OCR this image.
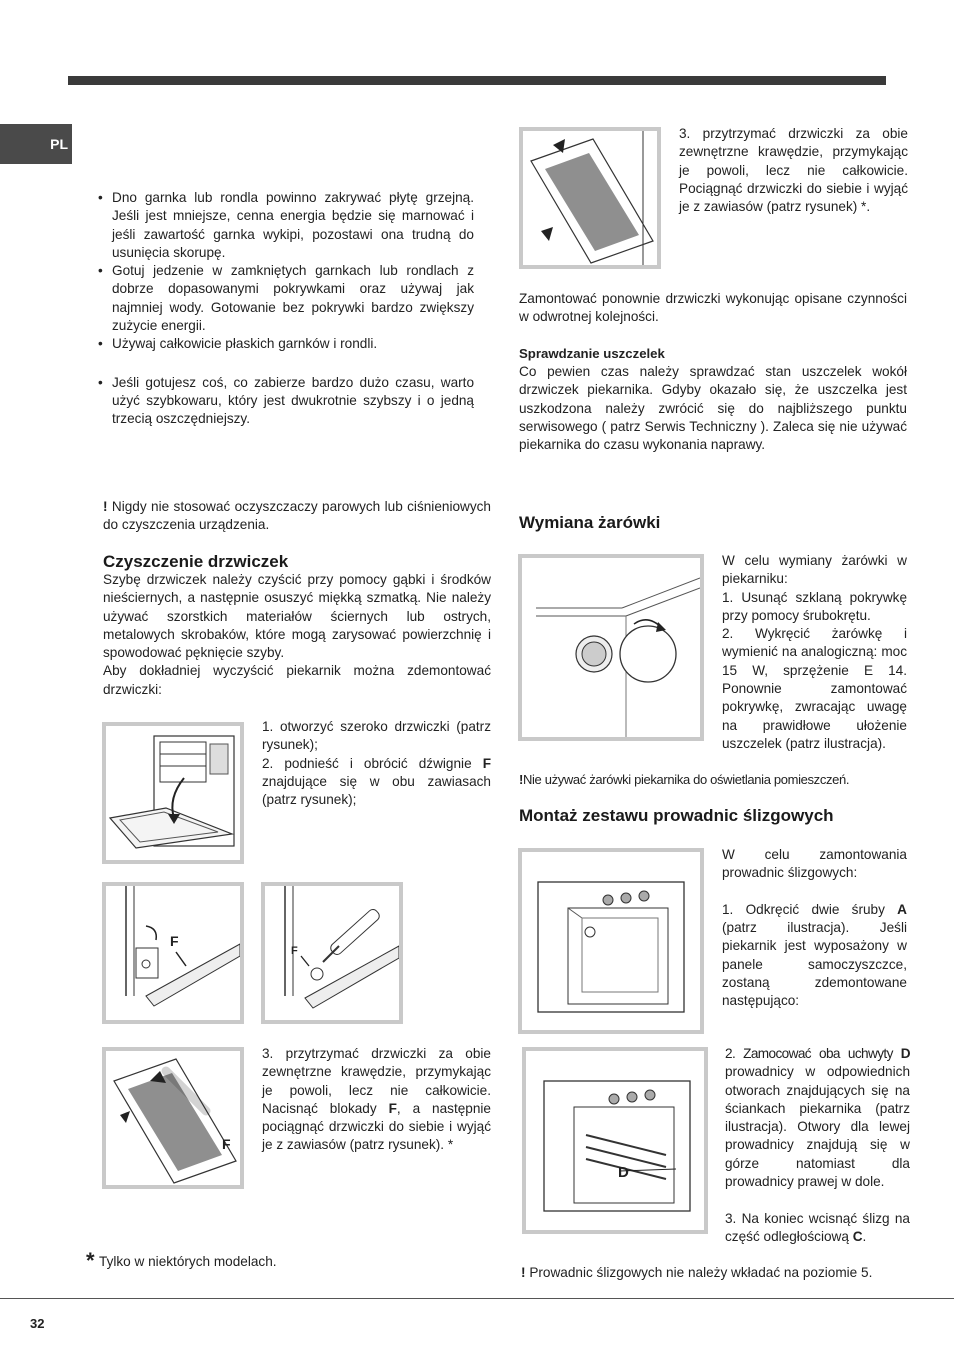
PL
• Dno garnka lub rondla powinno zakrywać płytę grzejną. Jeśli jest mniejsze, cenna energia będzie się marnować i jeśli zawartość garnka wykipi, pozostawi ona trudną do usunięcia skorupę.
• Gotuj jedzenie w zamkniętych garnkach lub rondlach z dobrze dopasowanymi pokrywkami oraz używaj jak najmniej wody. Gotowanie bez pokrywki bardzo zwiększy zużycie energii.
• Używaj całkowicie płaskich garnków i rondli.
• Jeśli gotujesz coś, co zabierze bardzo dużo czasu, warto użyć szybkowaru, który jest dwukrotnie szybszy i o jedną trzecią oszczędniejszy.
! Nigdy nie stosować oczyszczaczy parowych lub ciśnieniowych do czyszczenia urządzenia.
Czyszczenie drzwiczek
Szybę drzwiczek należy czyścić przy pomocy gąbki i środków nieściernych, a następnie osuszyć miękką szmatką. Nie należy używać szorstkich materiałów ściernych lub ostrych, metalowych skrobaków, które mogą zarysować powierzchnię i spowodować pęknięcie szyby.
Aby dokładniej wyczyścić piekarnik można zdemontować drzwiczki:
1. otworzyć szeroko drzwiczki (patrz rysunek);
2. podnieść i obrócić dźwignie F znajdujące się w obu zawiasach (patrz rysunek);
F
F
F
3. przytrzymać drzwiczki za obie zewnętrzne krawędzie, przymykając je powoli, lecz nie całkowicie. Nacisnąć blokady F, a następnie pociągnąć drzwiczki do siebie i wyjąć je z zawiasów (patrz rysunek). *
* Tylko w niektórych modelach.
3. przytrzymać drzwiczki za obie zewnętrzne krawędzie, przymykając je powoli, lecz nie całkowicie. Pociągnąć drzwiczki do siebie i wyjąć je z zawiasów (patrz rysunek) *.
Zamontować ponownie drzwiczki wykonując opisane czynności w odwrotnej kolejności.
Sprawdzanie uszczelek
Co pewien czas należy sprawdzać stan uszczelek wokół drzwiczek piekarnika. Gdyby okazało się, że uszczelka jest uszkodzona należy zwrócić się do najbliższego punktu serwisowego ( patrz Serwis Techniczny ). Zaleca się nie używać piekarnika do czasu wykonania naprawy.
Wymiana żarówki
W celu wymiany żarówki w piekarniku:
1. Usunąć szklaną pokrywkę przy pomocy śrubokrętu.
2. Wykręcić żarówkę i wymienić na analogiczną: moc 15 W, sprzężenie E 14. Ponownie zamontować pokrywkę, zwracając uwagę na prawidłowe ułożenie uszczelek (patrz ilustracja).
!Nie używać żarówki piekarnika do oświetlania pomieszczeń.
Montaż zestawu prowadnic ślizgowych
W celu zamontowania prowadnic ślizgowych:

1. Odkręcić dwie śruby A (patrz ilustracja). Jeśli piekarnik jest wyposażony w panele samoczyszczce, zostaną zdemontowane następująco:
D
2. Zamocować oba uchwyty D prowadnicy w odpowiednich otworach znajdujących się na ściankach piekarnika (patrz ilustracja). Otwory dla lewej prowadnicy znajdują się w górze natomiast dla prowadnicy prawej w dole.

3. Na koniec wcisnąć ślizg na część odległościową C.
! Prowadnic ślizgowych nie należy wkładać na poziomie 5.
32
